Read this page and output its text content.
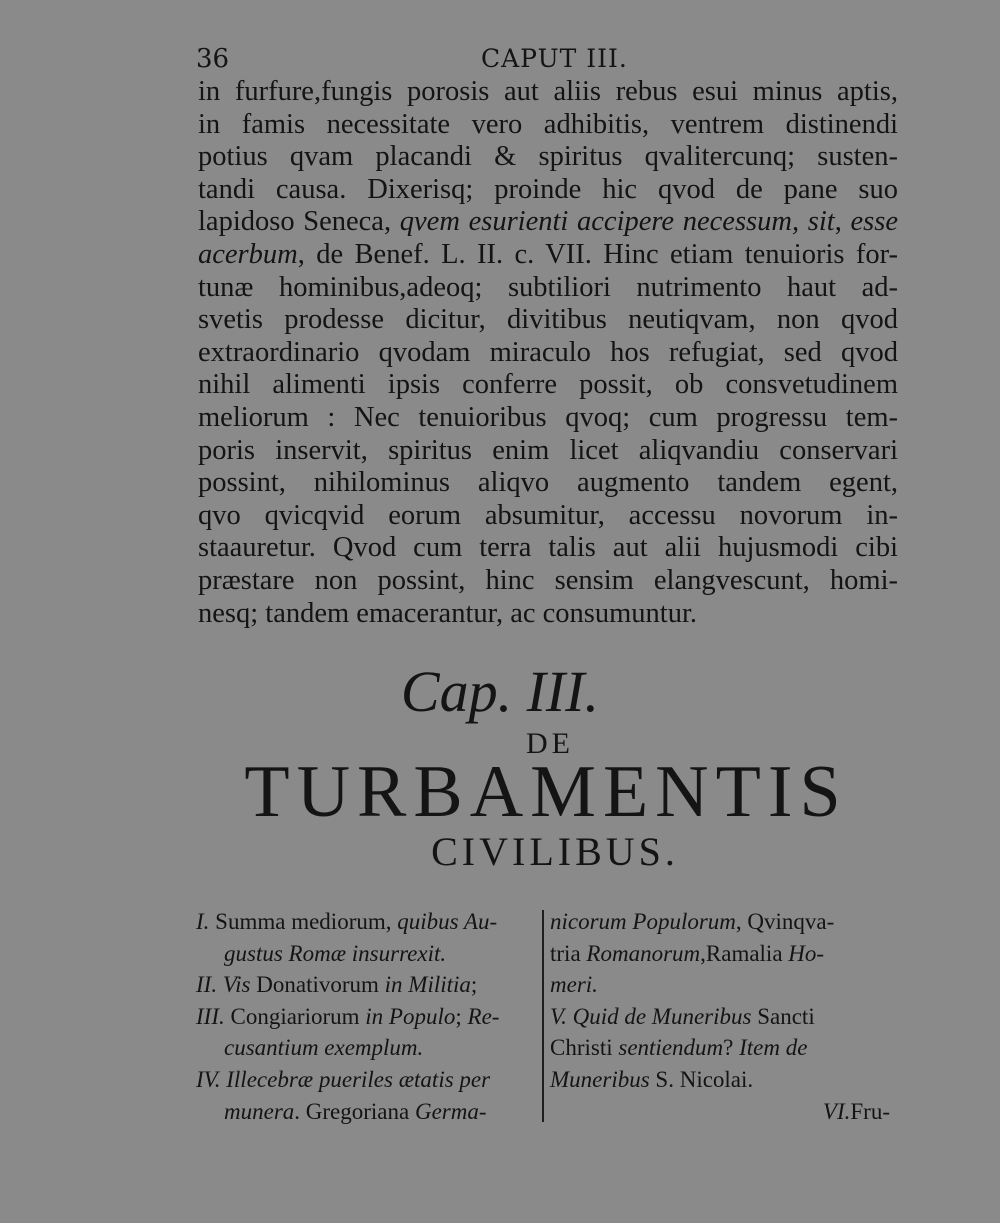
36	CAPUT III.
in furfure,fungis porosis aut aliis rebus esui minus aptis,
in famis necessitate vero adhibitis, ventrem distinendi
potius qvam placandi & spiritus qvalitercunq; susten-
tandi causa. Dixerisq; proinde hic qvod de pane suo
lapidoso Seneca, qvem esurienti accipere necessum, sit, esse
acerbum, de Benef. L. II. c. VII. Hinc etiam tenuioris for-
tunæ hominibus,adeoq; subtiliori nutrimento haut ad-
svetis prodesse dicitur, divitibus neutiqvam, non qvod
extraordinario qvodam miraculo hos refugiat, sed qvod
nihil alimenti ipsis conferre possit, ob consvetudinem
meliorum : Nec tenuioribus qvoq; cum progressu tem-
poris inservit, spiritus enim licet aliqvandiu conservari
possint, nihilominus aliqvo augmento tandem egent,
qvo qvicqvid eorum absumitur, accessu novorum in-
staauretur. Qvod cum terra talis aut alii hujusmodi cibi
præstare non possint, hinc sensim elangvescunt, homi-
nesq; tandem emacerantur, ac consumuntur.
Cap. III.
DE
TURBAMENTIS
CIVILIBUS.
I. Summa mediorum, quibus Au-
gustus Romæ insurrexit.
II. Vis Donativorum in Militia;
III. Congiariorum in Populo; Re-
cusantium exemplum.
IV. Illecebræ pueriles ætatis per
munera. Gregoriana Germa-
nicorum Populorum, Qvinqva-
tria Romanorum,Ramalia Ho-
meri.
V. Quid de Muneribus Sancti
Christi sentiendum? Item de
Muneribus S. Nicolai.
VI.Fru-
